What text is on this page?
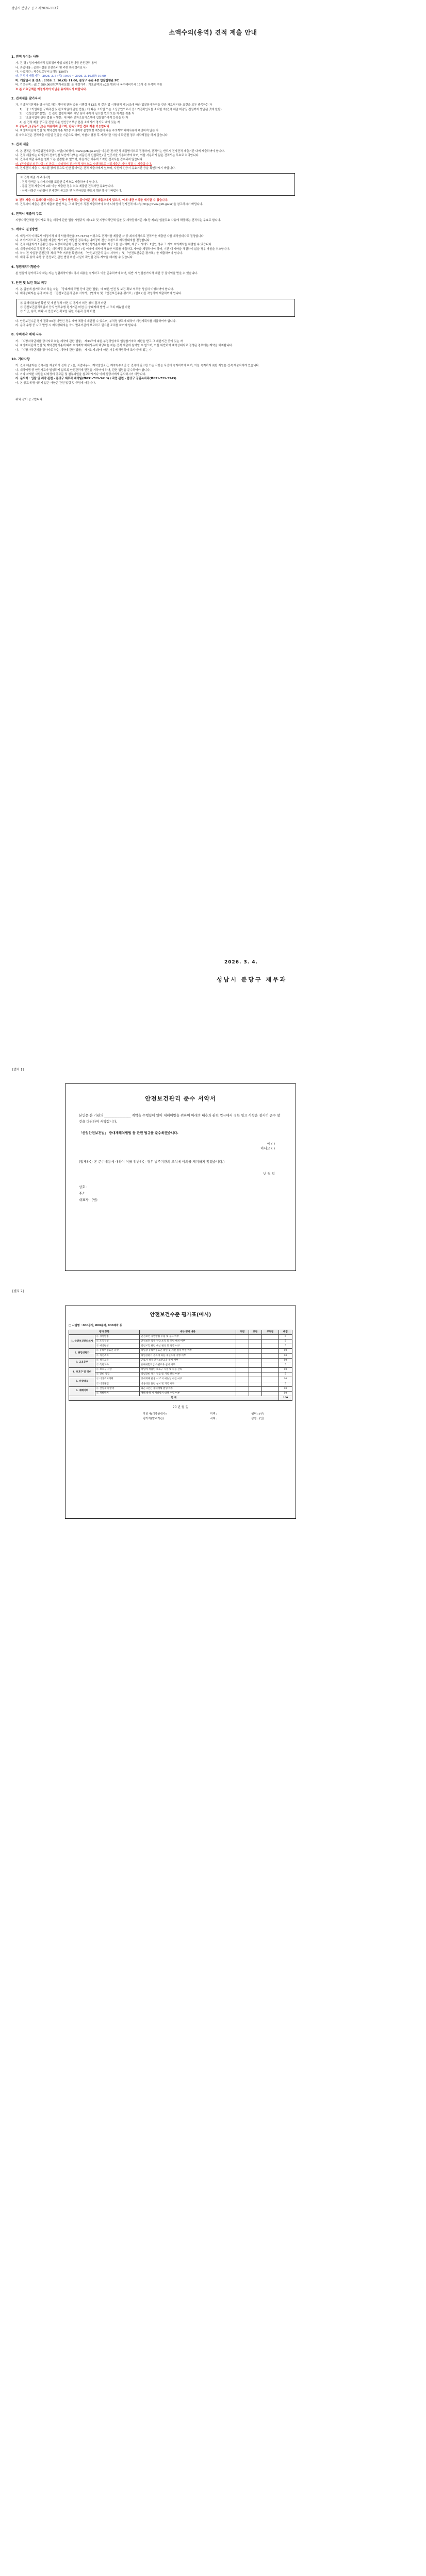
성남시 분당구 공고 제2026-113호
소액수의(용역) 견적 제출 안내
1. 견적 부치는 사항
가. 건 명 : 정자카페거리 일도정비사업 소방유람마당 안전관리 용역
나. 과업내용 : 공원시설물 안전관리 및 주변 환경정리(1식)
다. 사업기간 : 착수일로부터 5개월(150일)
라. 견적서 제출기간 : 2026. 3. 5.(목) 10:00 ~ 2026. 3. 10.(화) 10:00
마. 개찰일시 및 장소 : 2026. 3. 10.(화) 11:00, 분당구 본관 4층 입찰집행관 PC
바. 기초금액 : 금17,580,000원(부가세포함) ※ 예정가격 : 기초금액의 ±2% 범위 내 복수예비가격 15개 중 무작위 추첨
※ 본 기초금액은 예정가격이 아님을 유의하시기 바랍니다.
2. 견적제출 참가자격
가. 지방자치단체를 당사자로 하는 계약에 관한 법률 시행령 제13조 및 같은 법 시행규칙 제14조에 따라 입찰참가자격을 갖춘 자로서 다음 요건을 모두 충족하는 자
1) 「중소기업제품 구매촉진 및 판로지원에 관한 법률」에 따른 소기업 또는 소상공인으로서 중소기업확인서를 소지한 자(견적 제출 마감일 전일까지 발급된 것에 한함)
2) 「건설산업기본법」 등 관련 법령에 따라 해당 용역 수행에 필요한 면허 또는 자격을 갖춘 자
3) 「조달사업에 관한 법률 시행령」에 따라 전자조달시스템에 입찰참가자격 등록을 한 자
4) 본 견적 제출 공고일 전일 기준 법인등기부상 본점 소재지가 경기도 내에 있는 자
※ 공동수급(공동도급)은 허용하지 않으며, 단독으로만 견적 제출 가능합니다.
나. 지방자치단체 입찰 및 계약집행기준 제5장 수의계약 운영요령 제5절에 따른 수의계약 배제사유에 해당하지 않는 자
위 자격요건은 견적제출 마감일 전일을 기준으로 하며, 낙찰자 결정 후 자격미달 사실이 확인될 경우 계약체결을 하지 않습니다.
3. 견적 제출
가. 본 견적은 국가종합전자조달시스템(나라장터, www.g2b.go.kr)을 이용한 전자견적 제출방식으로 집행하며, 견적서는 반드시 전자견적 제출기간 내에 제출하여야 합니다.
나. 견적 제출자는 나라장터 전자입찰 보안카드(또는 지문인식 신원확인) 및 인증서를 사용하여야 하며, 이를 사용하지 않은 견적서는 무효로 처리합니다.
다. 견적서 제출 후에는 철회 또는 변경할 수 없으며, 마감시간 이후에 도착한 견적서는 접수되지 않습니다.
라. [전자입찰 의무사항] 본 공고는 나라장터 전자견적 방식으로 시행하므로 서류제출은 계약 체결 시 제출합니다.
마. 전자견적 제출 시 시스템 장애 등으로 인한 불이익은 견적 제출자에게 있으며, 사전에 인증서 유효기간 등을 확인하시기 바랍니다.
※ 견적 제출 시 주의사항
- 견적 금액은 부가가치세를 포함한 총액으로 제출하여야 합니다.
- 동일 견적 제출자가 2회 이상 제출한 경우 최초 제출한 견적서만 유효합니다.
- 상세 사항은 나라장터 전자견적 공고문 및 첨부파일을 반드시 확인하시기 바랍니다.
※ 견적 제출 시 유의사항 미준수로 인하여 발생하는 불이익은 견적 제출자에게 있으며, 이에 대한 이의를 제기할 수 없습니다.
바. 견적서의 제출은 견적 제출자 본인 또는 그 대리인이 직접 제출하여야 하며 나라장터 전자견적 매뉴얼(http://www.g2b.go.kr)을 참고하시기 바랍니다.
4. 견적서 제출의 무효
지방자치단체를 당사자로 하는 계약에 관한 법률 시행규칙 제42조 및 지방자치단체 입찰 및 계약집행기준 제1장 제3절 입찰무효 사유에 해당하는 견적서는 무효로 합니다.
5. 계약자 결정방법
가. 예정가격 이하로서 예정가격 대비 낙찰하한율(87.745%) 이상으로 견적서를 제출한 자 중 최저가격으로 견적서를 제출한 자를 계약상대자로 결정합니다.
나. 최저가격으로 견적서를 제출한 자가 2인 이상인 경우에는 나라장터 전산 추첨으로 계약상대자를 결정합니다.
다. 견적 제출자가 1인뿐인 경우 지방자치단체 입찰 및 계약집행기준에 따라 재공고를 실시하며, 재공고 시에도 1인인 경우 그 자와 수의계약을 체결할 수 있습니다.
라. 계약상대자로 결정된 자는 계약체결 통보일로부터 7일 이내에 계약에 필요한 서류를 제출하고 계약을 체결하여야 하며, 기간 내 계약을 체결하지 않을 경우 낙찰을 취소합니다.
마. 착수 전 사업장 안전관리 체계 구축 여부를 확인하며, 「안전보건관리 준수 서약서」 및 「안전보건수준 평가표」를 제출하여야 합니다.
바. 계약 후 용역 수행 중 안전보건 관련 법령 위반 사실이 확인될 경우 계약을 해지할 수 있습니다.
6. 청렴계약이행준수
본 입찰에 참가하고자 하는 자는 청렴계약이행서약서 내용을 숙지하고 이를 준수하여야 하며, 위반 시 입찰참가자격 제한 등 불이익을 받을 수 있습니다.
7. 안전 및 보건 확보 의무
가. 본 입찰에 참가하고자 하는 자는 「중대재해 처벌 등에 관한 법률」에 따른 안전 및 보건 확보 의무를 성실히 이행하여야 합니다.
나. 계약상대자는 용역 착수 전 「안전보건관리 준수 서약서」(별지1) 및 「안전보건수준 평가표」(별지2)를 작성하여 제출하여야 합니다.
① 유해위험요인 확인 및 개선 절차 마련 ② 종사자 의견 청취 절차 마련
③ 안전보건관리책임자 등의 업무수행 평가기준 마련 ④ 중대재해 발생 시 조치 매뉴얼 마련
⑤ 도급, 용역, 위탁 시 안전보건 확보를 위한 기준과 절차 마련
다. 안전보건수준 평가 결과 60점 미만인 경우 계약 체결이 제한될 수 있으며, 부적정 항목에 대하여 개선계획서를 제출하여야 합니다.
라. 용역 수행 중 사고 발생 시 계약상대자는 즉시 발주기관에 보고하고 필요한 조치를 하여야 합니다.
8. 수의계약 배제 사유
가. 「지방자치단체를 당사자로 하는 계약에 관한 법률」 제33조에 따른 부정당업자로 입찰참가자격 제한을 받고 그 제한기간 중에 있는 자
나. 지방자치단체 입찰 및 계약집행기준에 따라 수의계약 배제사유에 해당하는 자는 견적 제출에 참여할 수 없으며, 이를 위반하여 계약상대자로 결정된 경우에는 계약을 해지합니다.
다. 「지방자치단체를 당사자로 하는 계약에 관한 법률」 제7조 제1항에 따른 사유에 해당하여 조사 중에 있는 자
10. 기타사항
가. 견적 제출자는 견적서를 제출하기 전에 공고문, 과업내용서, 계약일반조건, 계약특수조건 등 견적에 필요한 모든 사항을 사전에 숙지하여야 하며, 이를 숙지하지 못한 책임은 견적 제출자에게 있습니다.
나. 계약이행 중 안전사고가 발생하지 않도록 안전관리에 만전을 기하여야 하며, 관련 법령을 준수하여야 합니다.
다. 기타 자세한 사항은 나라장터 공고문 및 첨부파일을 참고하시거나 아래 담당자에게 문의하시기 바랍니다.
라. 문의처 : 입찰 및 계약 관련 - 분당구 재무과 계약팀(☎031-729-5413) / 과업 관련 - 분당구 공원녹지과(☎031-729-7543)
마. 본 공고에 명시되지 않은 사항은 관련 법령 및 규정에 따릅니다.
위와 같이 공고합니다.
2026. 3. 4.
성남시 분당구 재무과
[별지 1]
안전보건관리 준수 서약서
본인은 본 기관의 ________________ 계약을 수행함에 있어 재해예방을 위하여 아래의 내용과 관련 법규에서 정한 필요 사항을 철저히 준수 할 것을 다짐하며 서약합니다.
「산업안전보건법」 중대재해처벌법 등 관련 법규를 준수하겠습니다.
예 ( )
아니요 ( )
(입제하는 본 준수내용에 대하여 이를 위반하는 경우 발주기관의 조치에 이의를 제기하지 않겠습니다.)
년 월 일
상호 :
주소 :
대표자 : (인)
[별지 2]
안전보건수준 평가표(예시)
□ 사업명 : 000공사, 000용역, 000제작 등
평가 항목		세부 평가 내용	적정	보완	부적정	배점
1. 안전보건관리체계	① 경영방침	안전보건 경영방침 수립 및 공표 여부				5
	② 조직구성	안전보건 업무 전담 조직 및 인력 배치 여부				5
	③ 예산편성	안전보건 관련 예산 편성 및 집행 여부				5
2. 위험성평가	① 유해위험요인 파악	작업장 유해위험요인 확인 및 개선 절차 마련 여부				10
	② 개선조치	위험성평가 결과에 따른 개선조치 이행 여부				10
3. 교육훈련	① 정기교육	근로자 정기 안전보건교육 실시 여부				10
	② 특별교육	유해위험작업 특별교육 실시 여부				5
4. 보호구 및 장비	① 보호구 지급	작업에 적합한 보호구 지급 및 착용 관리				10
	② 장비 점검	작업장비 정기 점검 및 기록 관리 여부				5
5. 비상대응	① 비상조치계획	중대재해 발생 시 조치 매뉴얼 마련 여부				10
	② 비상훈련	비상대응 훈련 실시 및 기록 여부				5
6. 재해이력	① 산업재해 발생	최근 3년간 중대재해 발생 여부				10
	② 재발방지	재해 발생 시 재발방지 대책 수립 여부				10
합 계						100
20 년 월 일
작성자(계약상대자)	직책 :	성명 : (인)
평가자(발주기관)	직책 :	성명 : (인)
